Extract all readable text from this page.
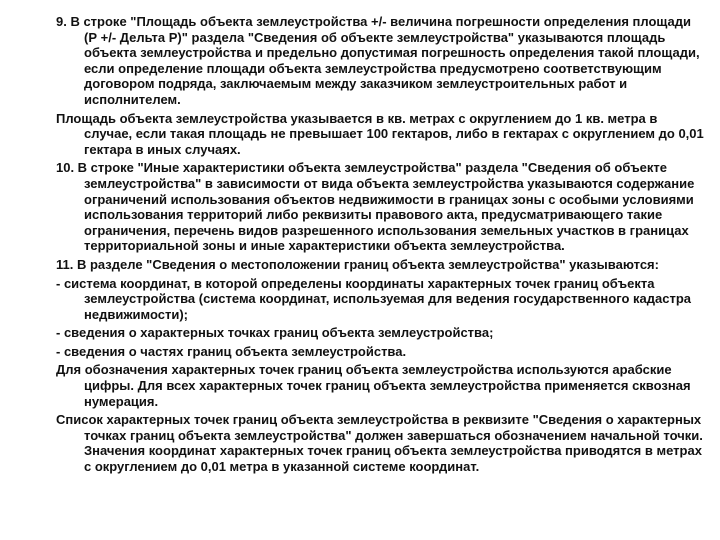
9. В строке "Площадь объекта землеустройства +/- величина погрешности определения площади (Р +/- Дельта Р)" раздела "Сведения об объекте землеустройства" указываются площадь объекта землеустройства и предельно допустимая погрешность определения такой площади, если определение площади объекта землеустройства предусмотрено соответствующим договором подряда, заключаемым между заказчиком землеустроительных работ и исполнителем.

Площадь объекта землеустройства указывается в кв. метрах с округлением до 1 кв. метра в случае, если такая площадь не превышает 100 гектаров, либо в гектарах с округлением до 0,01 гектара в иных случаях.

10. В строке "Иные характеристики объекта землеустройства" раздела "Сведения об объекте землеустройства" в зависимости от вида объекта землеустройства указываются содержание ограничений использования объектов недвижимости в границах зоны с особыми условиями использования территорий либо реквизиты правового акта, предусматривающего такие ограничения, перечень видов разрешенного использования земельных участков в границах территориальной зоны и иные характеристики объекта землеустройства.

11. В разделе "Сведения о местоположении границ объекта землеустройства" указываются:

- система координат, в которой определены координаты характерных точек границ объекта землеустройства (система координат, используемая для ведения государственного кадастра недвижимости);

- сведения о характерных точках границ объекта землеустройства;

- сведения о частях границ объекта землеустройства.

Для обозначения характерных точек границ объекта землеустройства используются арабские цифры. Для всех характерных точек границ объекта землеустройства применяется сквозная нумерация.

Список характерных точек границ объекта землеустройства в реквизите "Сведения о характерных точках границ объекта землеустройства" должен завершаться обозначением начальной точки. Значения координат характерных точек границ объекта землеустройства приводятся в метрах с округлением до 0,01 метра в указанной системе координат.
